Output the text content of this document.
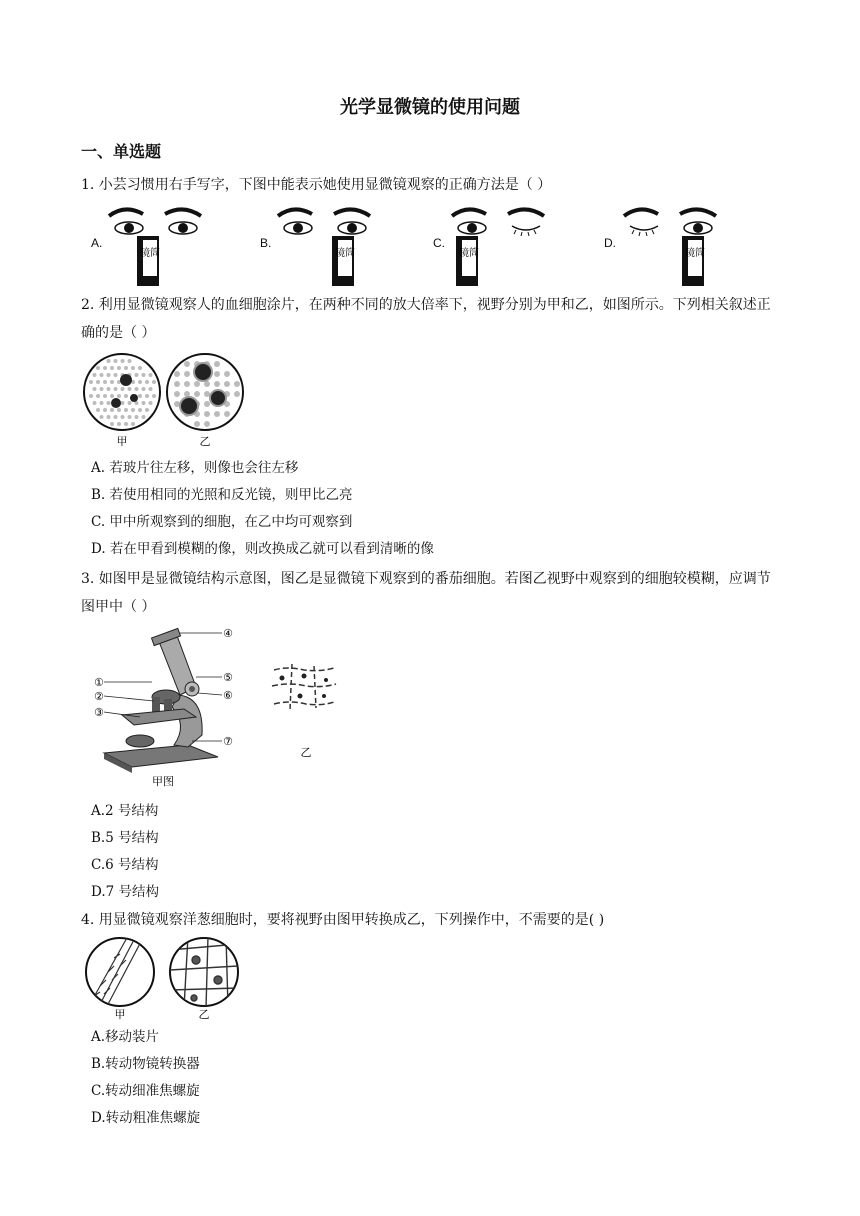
光学显微镜的使用问题
一、单选题
1. 小芸习惯用右手写字，下图中能表示她使用显微镜观察的正确方法是（ ）
A.	B.	C.	D.
镜筒	镜筒	镜筒	镜筒
2. 利用显微镜观察人的血细胞涂片，在两种不同的放大倍率下，视野分别为甲和乙，如图所示。下列相关叙述正确的是（ ）
甲	乙
A. 若玻片往左移，则像也会往左移
B. 若使用相同的光照和反光镜，则甲比乙亮
C. 甲中所观察到的细胞，在乙中均可观察到
D. 若在甲看到模糊的像，则改换成乙就可以看到清晰的像
3. 如图甲是显微镜结构示意图，图乙是显微镜下观察到的番茄细胞。若图乙视野中观察到的细胞较模糊，应调节图甲中（ ）
①
②
③
④
⑤
⑥
⑦
甲图
乙
A.2 号结构
B.5 号结构
C.6 号结构
D.7 号结构
4. 用显微镜观察洋葱细胞时，要将视野由图甲转换成乙，下列操作中，不需要的是( )
甲	乙
A.移动装片
B.转动物镜转换器
C.转动细准焦螺旋
D.转动粗准焦螺旋
